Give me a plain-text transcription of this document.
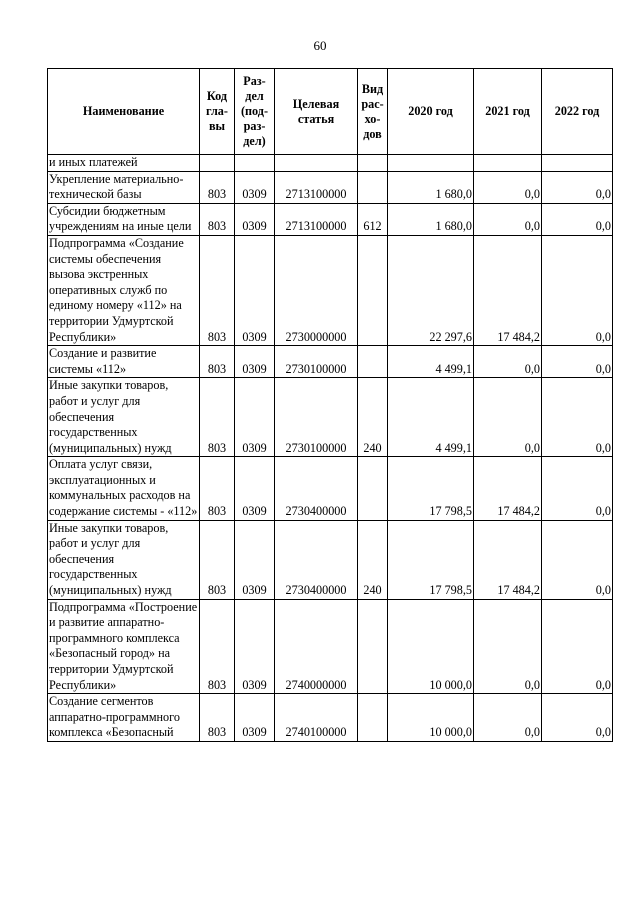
60
Наименование	Код гла- вы	Раз- дел (под- раз- дел)	Целевая статья	Вид рас- хо- дов	2020 год	2021 год	2022 год
и иных платежей							
Укрепление материально-технической базы	803	0309	2713100000		1 680,0	0,0	0,0
Субсидии бюджетным учреждениям на иные цели	803	0309	2713100000	612	1 680,0	0,0	0,0
Подпрограмма «Создание системы обеспечения вызова экстренных оперативных служб по единому номеру «112» на территории Удмуртской Республики»	803	0309	2730000000		22 297,6	17 484,2	0,0
Создание и развитие системы «112»	803	0309	2730100000		4 499,1	0,0	0,0
Иные закупки товаров, работ и услуг для обеспечения государственных (муниципальных) нужд	803	0309	2730100000	240	4 499,1	0,0	0,0
Оплата услуг связи, эксплуатационных и коммунальных расходов на содержание системы - «112»	803	0309	2730400000		17 798,5	17 484,2	0,0
Иные закупки товаров, работ и услуг для обеспечения государственных (муниципальных) нужд	803	0309	2730400000	240	17 798,5	17 484,2	0,0
Подпрограмма «Построение и развитие аппаратно-программного комплекса «Безопасный город» на территории Удмуртской Республики»	803	0309	2740000000		10 000,0	0,0	0,0
Создание сегментов аппаратно-программного комплекса «Безопасный	803	0309	2740100000		10 000,0	0,0	0,0
